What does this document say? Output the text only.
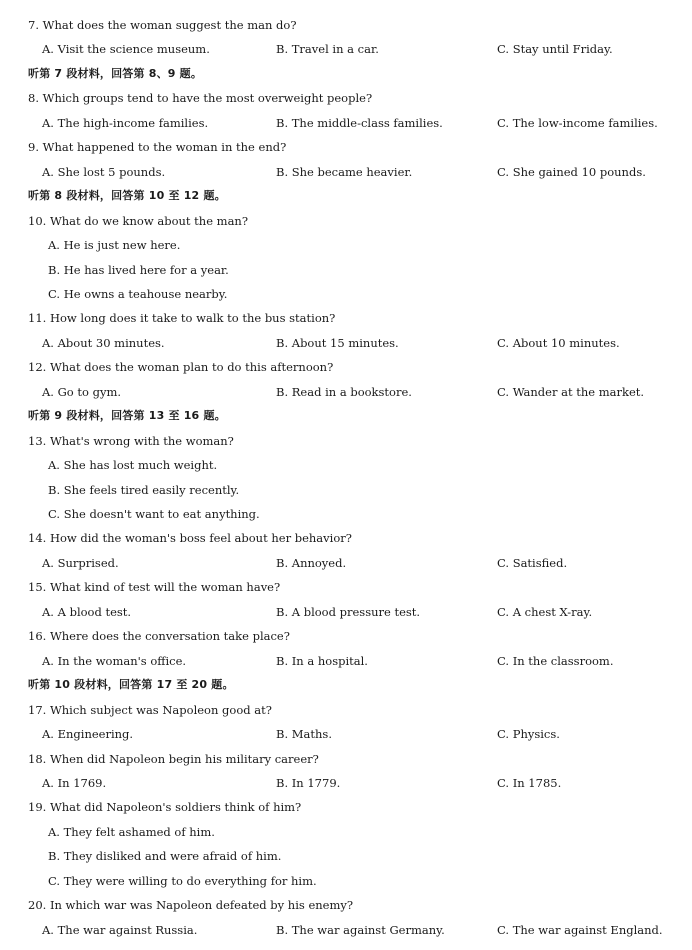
7. What does the woman suggest the man do?
A. Visit the science museum.	B. Travel in a car.	C. Stay until Friday.
听第 7 段材料，回答第 8、9 题。
8. Which groups tend to have the most overweight people?
A. The high-income families.	B. The middle-class families.	C. The low-income families.
9. What happened to the woman in the end?
A. She lost 5 pounds.	B. She became heavier.	C. She gained 10 pounds.
听第 8 段材料，回答第 10 至 12 题。
10. What do we know about the man?
A. He is just new here.
B. He has lived here for a year.
C. He owns a teahouse nearby.
11. How long does it take to walk to the bus station?
A. About 30 minutes.	B. About 15 minutes.	C. About 10 minutes.
12. What does the woman plan to do this afternoon?
A. Go to gym.	B. Read in a bookstore.	C. Wander at the market.
听第 9 段材料，回答第 13 至 16 题。
13. What's wrong with the woman?
A. She has lost much weight.
B. She feels tired easily recently.
C. She doesn't want to eat anything.
14. How did the woman's boss feel about her behavior?
A. Surprised.	B. Annoyed.	C. Satisfied.
15. What kind of test will the woman have?
A. A blood test.	B. A blood pressure test.	C. A chest X-ray.
16. Where does the conversation take place?
A. In the woman's office.	B. In a hospital.	C. In the classroom.
听第 10 段材料，回答第 17 至 20 题。
17. Which subject was Napoleon good at?
A. Engineering.	B. Maths.	C. Physics.
18. When did Napoleon begin his military career?
A. In 1769.	B. In 1779.	C. In 1785.
19. What did Napoleon's soldiers think of him?
A. They felt ashamed of him.
B. They disliked and were afraid of him.
C. They were willing to do everything for him.
20. In which war was Napoleon defeated by his enemy?
A. The war against Russia.	B. The war against Germany.	C. The war against England.
